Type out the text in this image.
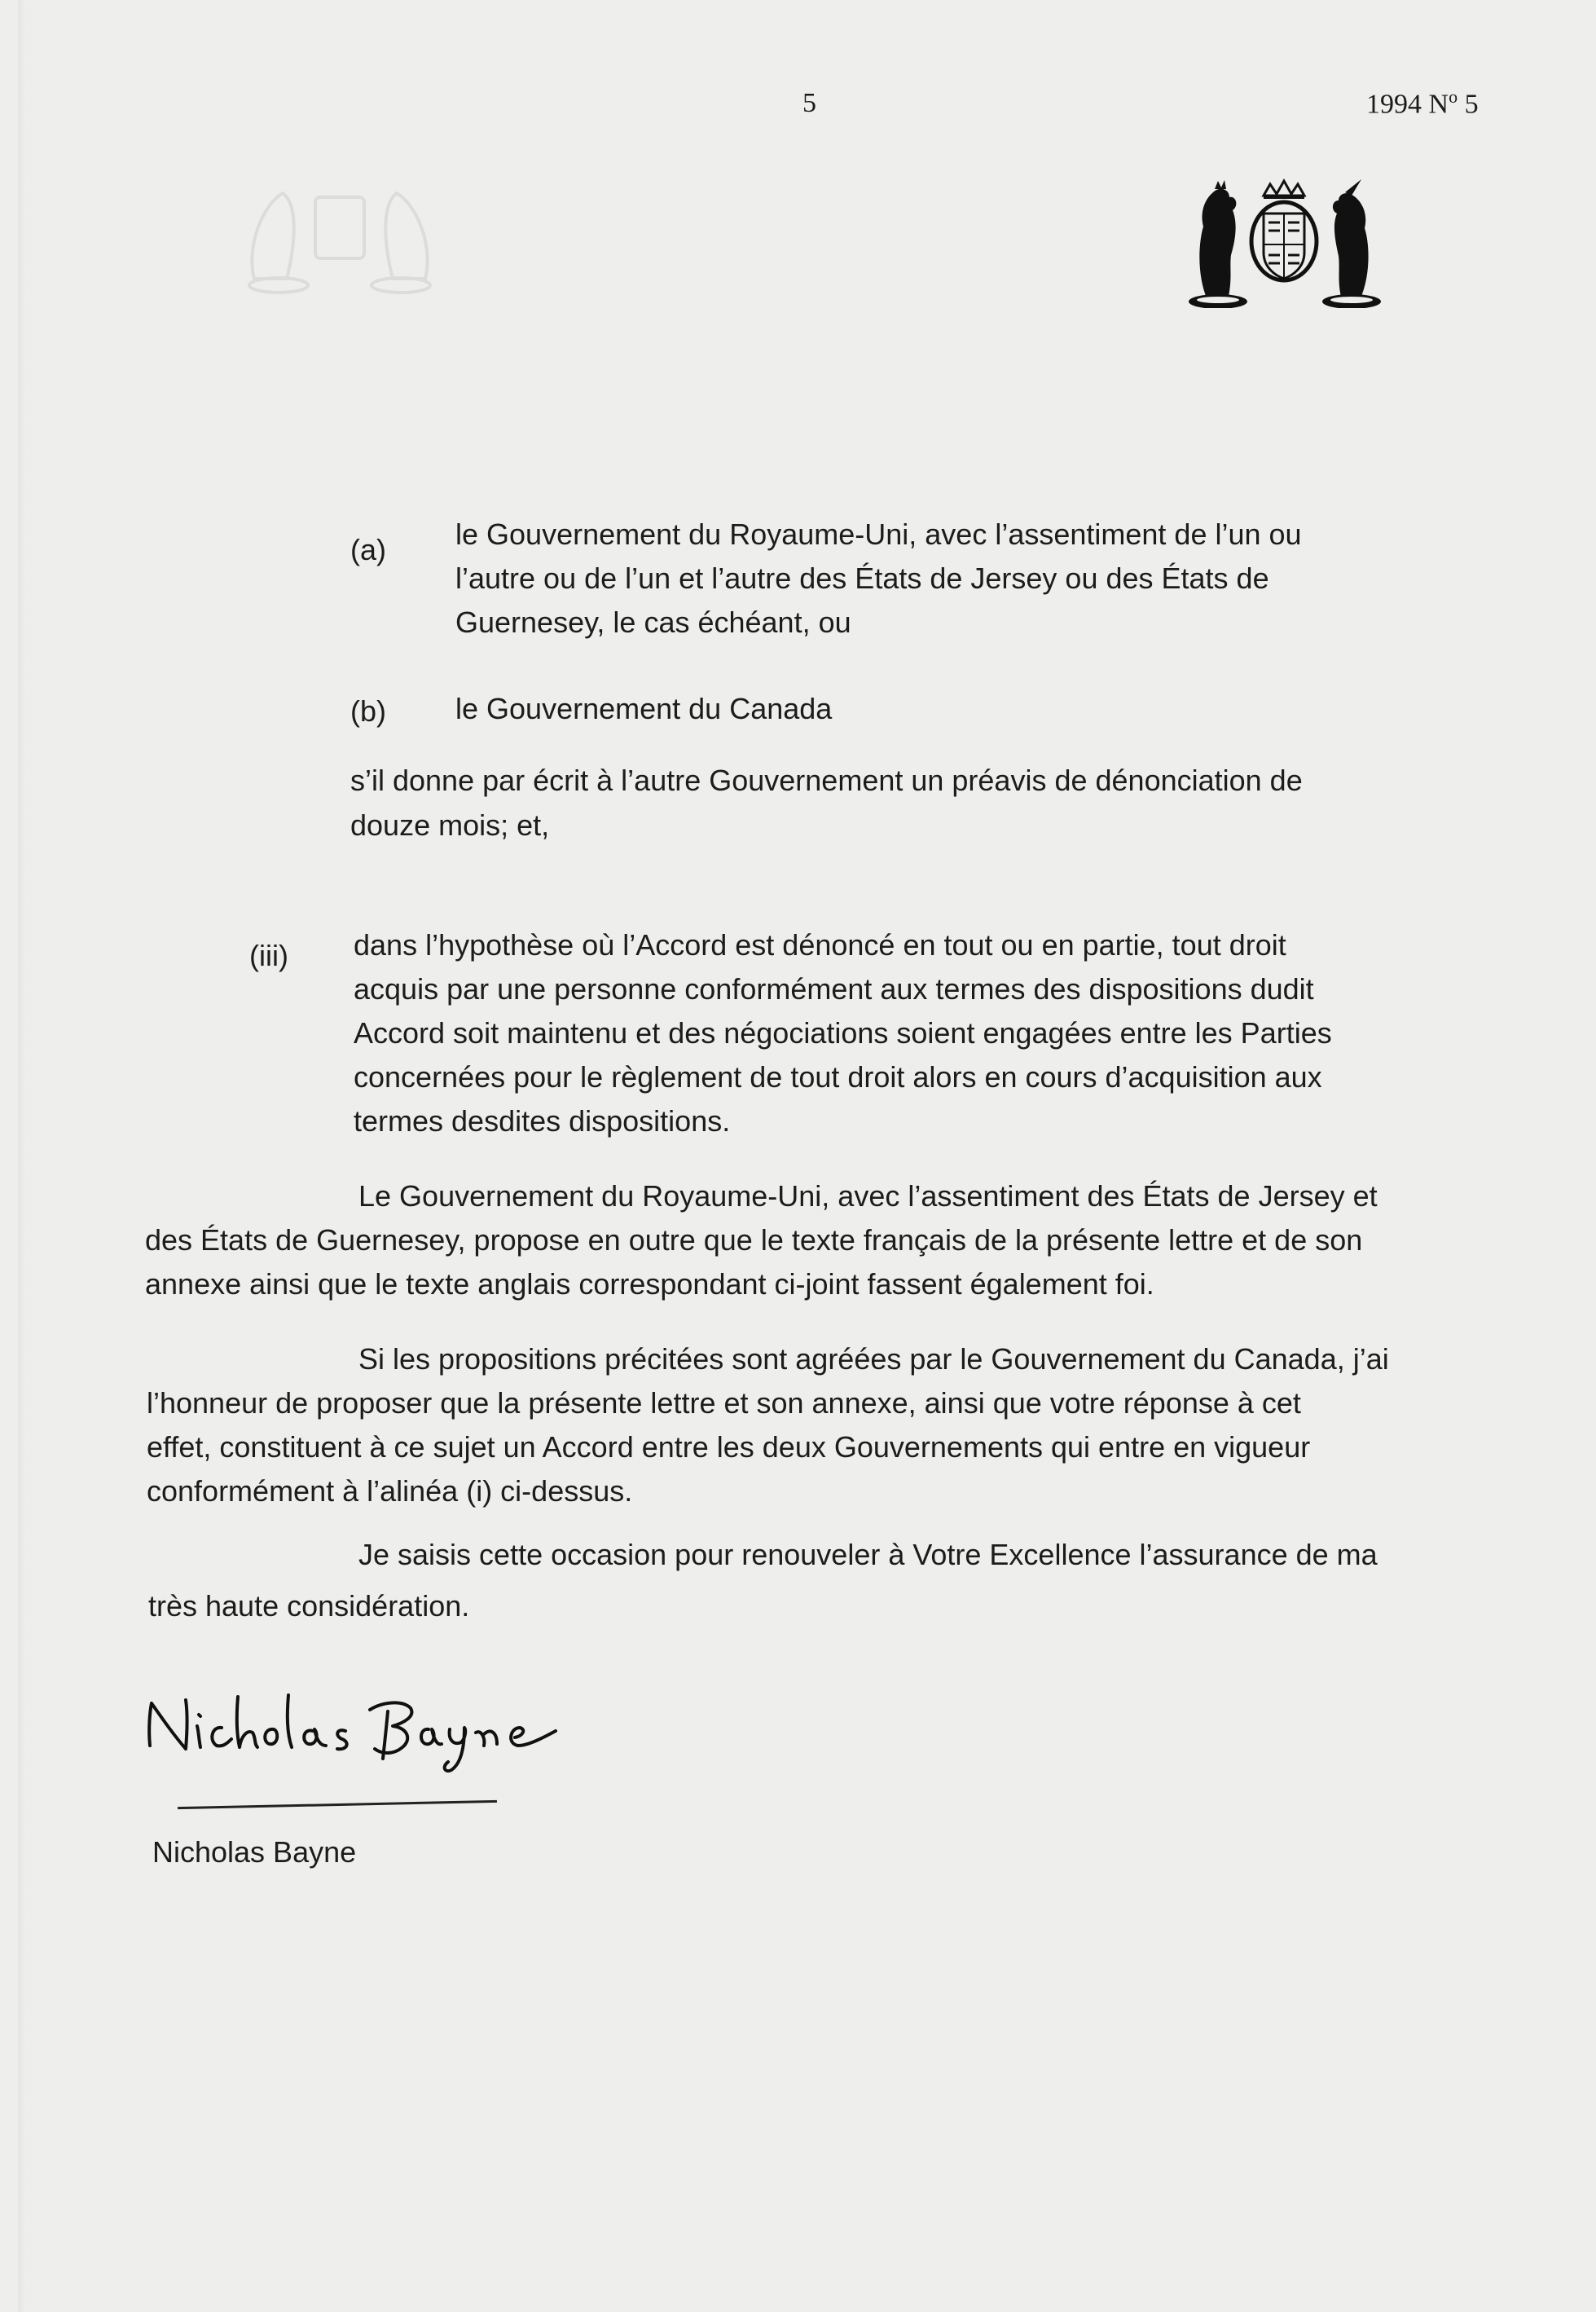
5	1994 $N^o$ 5
(a) le Gouvernement du Royaume-Uni, avec l’assentiment de l’un ou
l’autre ou de l’un et l’autre des États de Jersey ou des États de
Guernesey, le cas échéant, ou
(b) le Gouvernement du Canada
s’il donne par écrit à l’autre Gouvernement un préavis de dénonciation de
douze mois; et,
(iii) dans l’hypothèse où l’Accord est dénoncé en tout ou en partie, tout droit
acquis par une personne conformément aux termes des dispositions dudit
Accord soit maintenu et des négociations soient engagées entre les Parties
concernées pour le règlement de tout droit alors en cours d’acquisition aux
termes desdites dispositions.
Le Gouvernement du Royaume-Uni, avec l’assentiment des États de Jersey et
des États de Guernesey, propose en outre que le texte français de la présente lettre et de son
annexe ainsi que le texte anglais correspondant ci-joint fassent également foi.
Si les propositions précitées sont agréées par le Gouvernement du Canada, j’ai
l’honneur de proposer que la présente lettre et son annexe, ainsi que votre réponse à cet
effet, constituent à ce sujet un Accord entre les deux Gouvernements qui entre en vigueur
conformément à l’alinéa (i) ci-dessus.
Je saisis cette occasion pour renouveler à Votre Excellence l’assurance de ma
très haute considération.
Nicholas Bayne
